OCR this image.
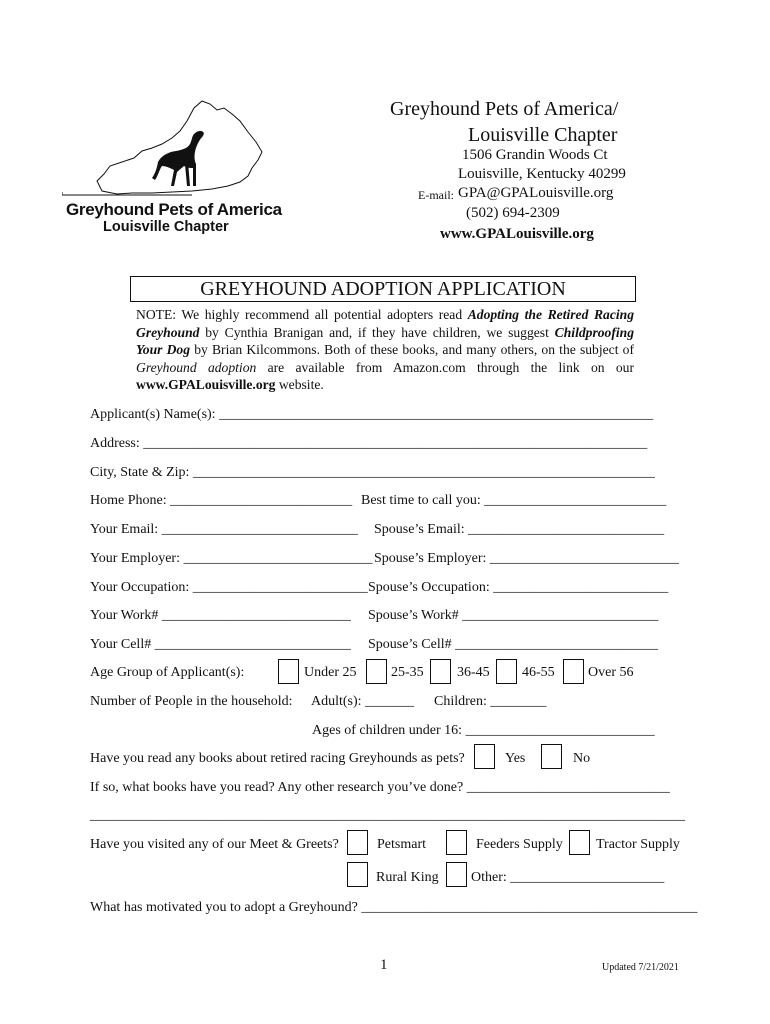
Greyhound Pets of America
Louisville Chapter
Greyhound Pets of America/
Louisville Chapter
1506 Grandin Woods Ct
Louisville, Kentucky 40299
E-mail: GPA@GPALouisville.org
(502) 694-2309
www.GPALouisville.org
GREYHOUND ADOPTION APPLICATION
NOTE: We highly recommend all potential adopters read Adopting the Retired Racing Greyhound by Cynthia Branigan and, if they have children, we suggest Childproofing Your Dog by Brian Kilcommons. Both of these books, and many others, on the subject of Greyhound adoption are available from Amazon.com through the link on our www.GPALouisville.org website.
Applicant(s) Name(s): ______________________________________________________________
Address: ________________________________________________________________________
City, State & Zip: __________________________________________________________________
Home Phone: __________________________ Best time to call you: __________________________
Your Email: ____________________________ Spouse’s Email: ____________________________
Your Employer: ___________________________ Spouse’s Employer: ___________________________
Your Occupation: _________________________ Spouse’s Occupation: _________________________
Your Work# ___________________________ Spouse’s Work# ____________________________
Your Cell# ____________________________ Spouse’s Cell# _____________________________
Age Group of Applicant(s):	Under 25 25-35 36-45 46-55 Over 56
Number of People in the household: Adult(s): _______ Children: ________
Ages of children under 16: ___________________________
Have you read any books about retired racing Greyhounds as pets?	Yes	No
If so, what books have you read? Any other research you’ve done? _____________________________
_____________________________________________________________________________________
Have you visited any of our Meet & Greets?	Petsmart	Feeders Supply Tractor Supply
Rural King Other: ______________________
What has motivated you to adopt a Greyhound? ________________________________________________
1	Updated 7/21/2021
